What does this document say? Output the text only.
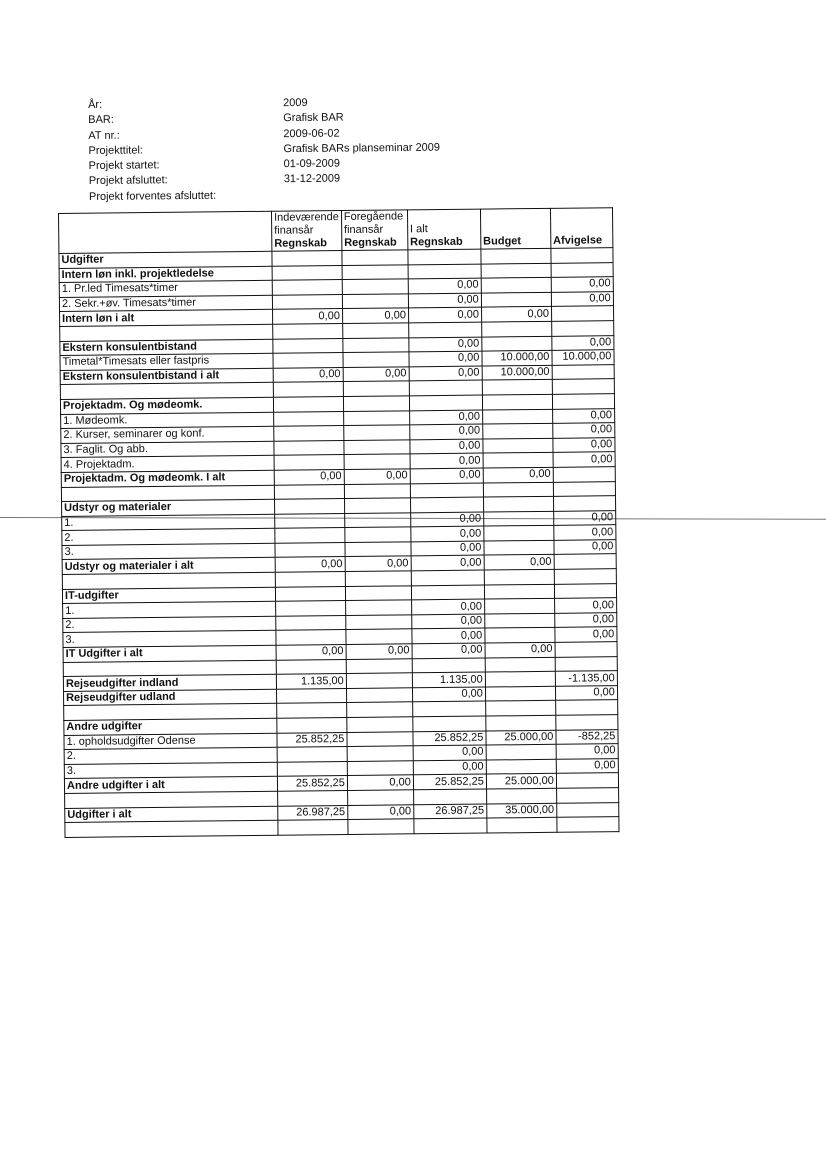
År:	2009
BAR:	Grafisk BAR
AT nr.:	2009-06-02
Projekttitel:	Grafisk BARs planseminar 2009
Projekt startet:	01-09-2009
Projekt afsluttet:	31-12-2009
Projekt forventes afsluttet:
	Indeværende	Foregående			
	finansår	finansår	I alt		
	Regnskab	Regnskab	Regnskab	Budget	Afvigelse
Udgifter					
Intern løn inkl. projektledelse					
1. Pr.led Timesats*timer			0,00		0,00
2. Sekr.+øv. Timesats*timer			0,00		0,00
Intern løn i alt	0,00	0,00	0,00	0,00	

Ekstern konsulentbistand			0,00		0,00
Timetal*Timesats eller fastpris			0,00	10.000,00	10.000,00
Ekstern konsulentbistand i alt	0,00	0,00	0,00	10.000,00	

Projektadm. Og mødeomk.					
1. Mødeomk.			0,00		0,00
2. Kurser, seminarer og konf.			0,00		0,00
3. Faglit. Og abb.			0,00		0,00
4. Projektadm.			0,00		0,00
Projektadm. Og mødeomk. I alt	0,00	0,00	0,00	0,00	

Udstyr og materialer					
1.			0,00		0,00
2.			0,00		0,00
3.			0,00		0,00
Udstyr og materialer i alt	0,00	0,00	0,00	0,00	

IT-udgifter					
1.			0,00		0,00
2.			0,00		0,00
3.			0,00		0,00
IT Udgifter i alt	0,00	0,00	0,00	0,00	

Rejseudgifter indland	1.135,00		1.135,00		-1.135,00
Rejseudgifter udland			0,00		0,00

Andre udgifter					
1. opholdsudgifter Odense	25.852,25		25.852,25	25.000,00	-852,25
2.			0,00		0,00
3.			0,00		0,00
Andre udgifter i alt	25.852,25	0,00	25.852,25	25.000,00	

Udgifter i alt	26.987,25	0,00	26.987,25	35.000,00	
